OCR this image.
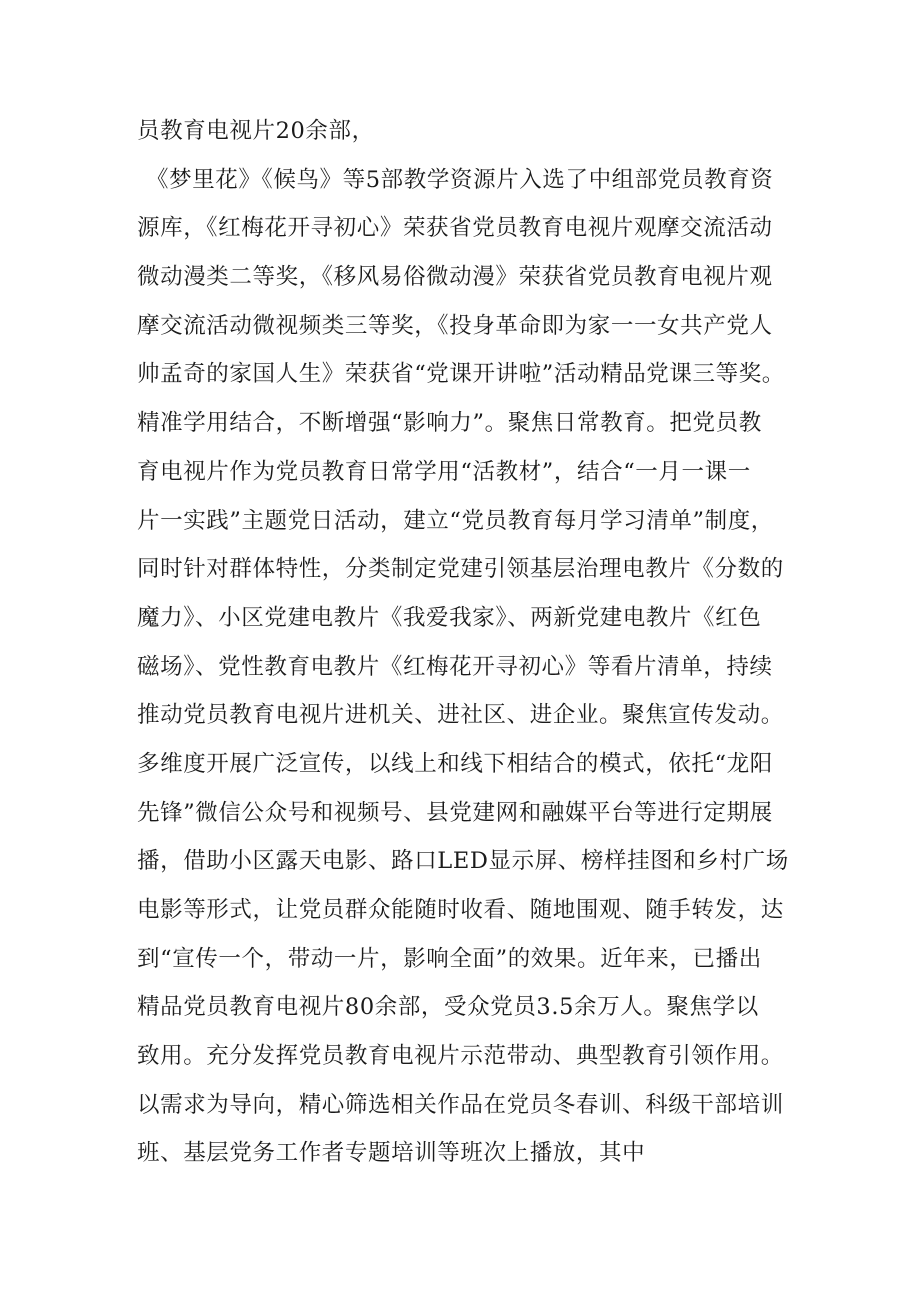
员教育电视片20余部，
《梦里花》《候鸟》等5部教学资源片入选了中组部党员教育资
源库，《红梅花开寻初心》荣获省党员教育电视片观摩交流活动
微动漫类二等奖，《移风易俗微动漫》荣获省党员教育电视片观
摩交流活动微视频类三等奖，《投身革命即为家一一女共产党人
帅孟奇的家国人生》荣获省“党课开讲啦”活动精品党课三等奖。
精准学用结合，不断增强“影响力”。聚焦日常教育。把党员教
育电视片作为党员教育日常学用“活教材”，结合“一月一课一
片一实践”主题党日活动，建立“党员教育每月学习清单”制度，
同时针对群体特性，分类制定党建引领基层治理电教片《分数的
魔力》、小区党建电教片《我爱我家》、两新党建电教片《红色
磁场》、党性教育电教片《红梅花开寻初心》等看片清单，持续
推动党员教育电视片进机关、进社区、进企业。聚焦宣传发动。
多维度开展广泛宣传，以线上和线下相结合的模式，依托“龙阳
先锋”微信公众号和视频号、县党建网和融媒平台等进行定期展
播，借助小区露天电影、路口LED显示屏、榜样挂图和乡村广场
电影等形式，让党员群众能随时收看、随地围观、随手转发，达
到“宣传一个，带动一片，影响全面”的效果。近年来，已播出
精品党员教育电视片80余部，受众党员3.5余万人。聚焦学以
致用。充分发挥党员教育电视片示范带动、典型教育引领作用。
以需求为导向，精心筛选相关作品在党员冬春训、科级干部培训
班、基层党务工作者专题培训等班次上播放，其中
